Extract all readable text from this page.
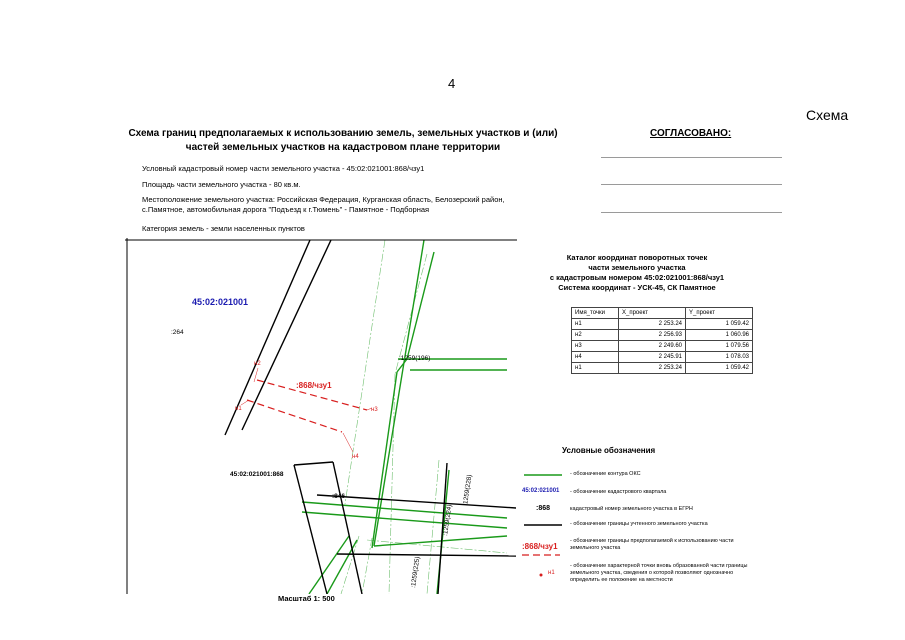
4
Схема
Схема границ предполагаемых к использованию земель, земельных участков и (или) частей земельных участков на кадастровом плане территории
СОГЛАСОВАНО:
Условный кадастровый номер части земельного участка - 45:02:021001:868/чзу1
Площадь части земельного участка - 80 кв.м.
Местоположение земельного участка: Российская Федерация, Курганская область, Белозерский район,
с.Памятное, автомобильная дорога "Подъезд к г.Тюмень" - Памятное - Подборная
Категория земель - земли населенных пунктов
45:02:021001
:264
45:02:021001:868
:846
:868/чзу1
:1259(196)
:1259(224)
:1259(225)
:1259(228)
н2
н1	н3
н4
Масштаб 1: 500
Каталог координат поворотных точек
части земельного участка
с кадастровым номером 45:02:021001:868/чзу1
Система координат - УСК-45, СК Памятное
Имя_точки	X_проект	Y_проект
н1	2 253.24	1 059.42
н2	2 256.93	1 060.96
н3	2 249.60	1 079.56
н4	2 245.91	1 078.03
н1	2 253.24	1 059.42
Условные обозначения
- обозначение контура ОКС
45:02:021001 - обозначение кадастрового квартала
:868	кадастровый номер земельного участка в ЕГРН
- обозначение границы учтенного земельного участка
:868/чзу1
- обозначение границы предполагаемой к использованию части земельного участка
н1
- обозначение характерной точки вновь образованной части границы земельного участка, сведения о которой позволяют однозначно определить ее положение на местности
